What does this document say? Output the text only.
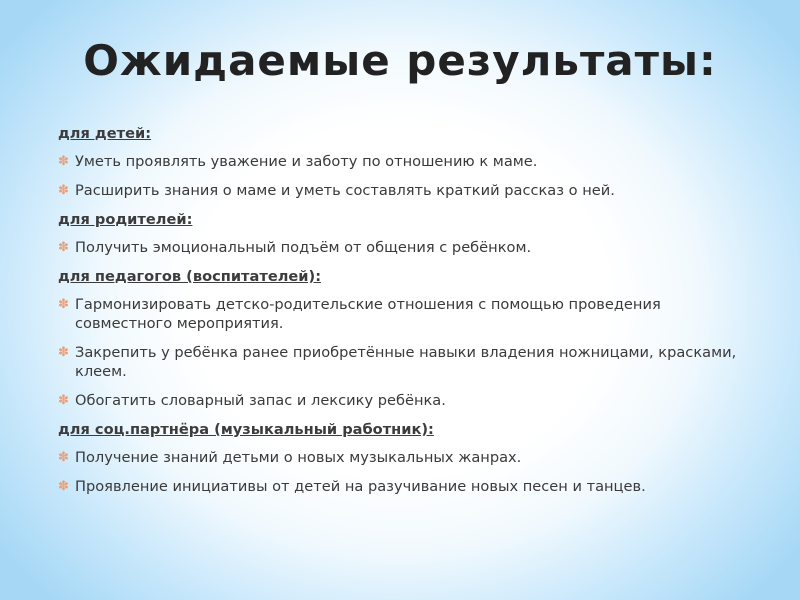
Ожидаемые результаты:
для детей:
✽ Уметь проявлять уважение и заботу по отношению к маме.
✽ Расширить знания о маме и уметь составлять краткий рассказ о ней.
для родителей:
✽ Получить эмоциональный подъём от общения с ребёнком.
для педагогов (воспитателей):
✽ Гармонизировать детско-родительские отношения с помощью проведения совместного мероприятия.
✽ Закрепить у ребёнка ранее приобретённые навыки владения ножницами, красками, клеем.
✽ Обогатить словарный запас и лексику ребёнка.
для соц.партнёра (музыкальный работник):
✽ Получение знаний детьми о новых музыкальных жанрах.
✽ Проявление инициативы от детей на разучивание новых песен и танцев.
